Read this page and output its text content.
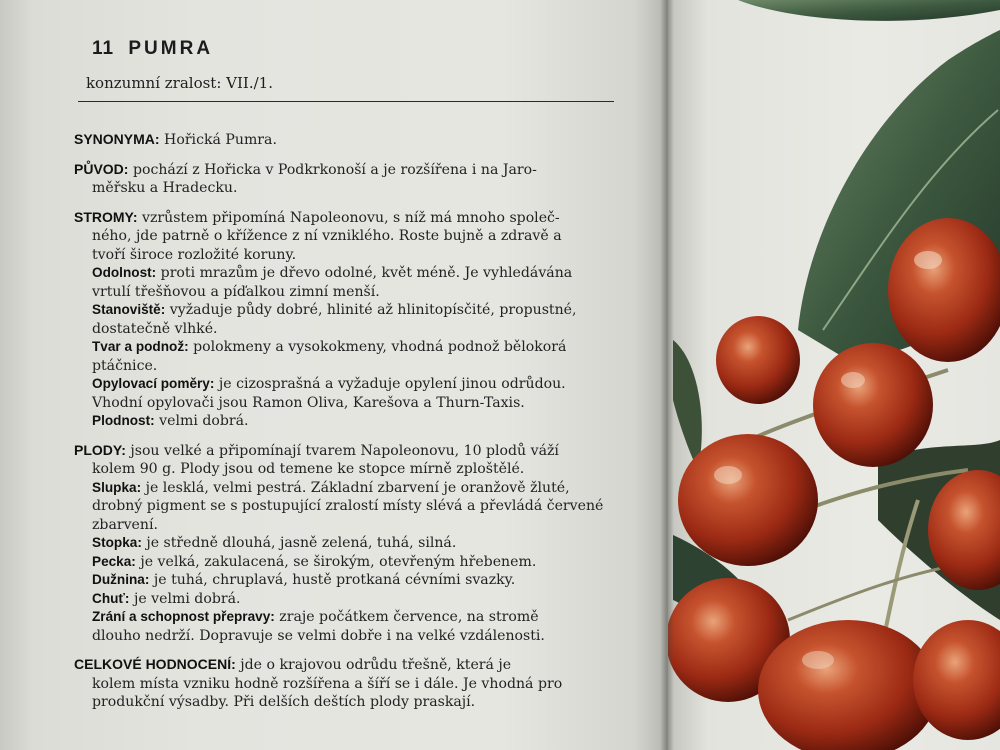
11 PUMRA
konzumní zralost: VII./1.
SYNONYMA: Hořická Pumra.
PŮVOD: pochází z Hořicka v Podkrkonoší a je rozšířena i na Jaro-
měřsku a Hradecku.
STROMY: vzrůstem připomíná Napoleonovu, s níž má mnoho společ-
ného, jde patrně o křížence z ní vzniklého. Roste bujně a zdravě a
tvoří široce rozložité koruny.
Odolnost: proti mrazům je dřevo odolné, květ méně. Je vyhledávána
vrtulí třešňovou a píďalkou zimní menší.
Stanoviště: vyžaduje půdy dobré, hlinité až hlinitopísčité, propustné,
dostatečně vlhké.
Tvar a podnož: polokmeny a vysokokmeny, vhodná podnož bělokorá
ptáčnice.
Opylovací poměry: je cizosprašná a vyžaduje opylení jinou odrůdou.
Vhodní opylovači jsou Ramon Oliva, Karešova a Thurn-Taxis.
Plodnost: velmi dobrá.
PLODY: jsou velké a připomínají tvarem Napoleonovu, 10 plodů váží
kolem 90 g. Plody jsou od temene ke stopce mírně zploštělé.
Slupka: je lesklá, velmi pestrá. Základní zbarvení je oranžově žluté,
drobný pigment se s postupující zralostí místy slévá a převládá červené
zbarvení.
Stopka: je středně dlouhá, jasně zelená, tuhá, silná.
Pecka: je velká, zakulacená, se širokým, otevřeným hřebenem.
Dužnina: je tuhá, chruplavá, hustě protkaná cévními svazky.
Chuť: je velmi dobrá.
Zrání a schopnost přepravy: zraje počátkem července, na stromě
dlouho nedrží. Dopravuje se velmi dobře i na velké vzdálenosti.
CELKOVÉ HODNOCENÍ: jde o krajovou odrůdu třešně, která je
kolem místa vzniku hodně rozšířena a šíří se i dále. Je vhodná pro
produkční výsadby. Při delších deštích plody praskají.
